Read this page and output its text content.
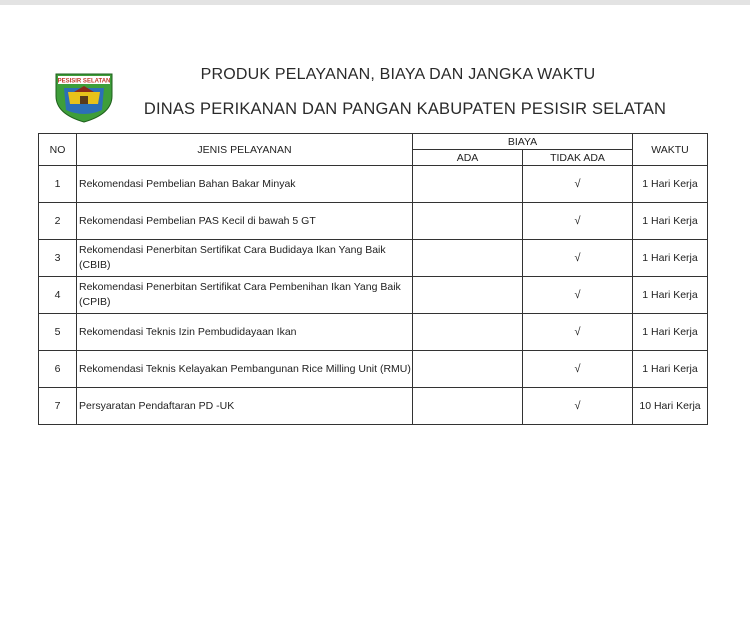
PESISIR SELATAN	PRODUK PELAYANAN, BIAYA DAN JANGKA WAKTU
DINAS PERIKANAN DAN PANGAN KABUPATEN PESISIR SELATAN
NO	JENIS PELAYANAN	BIAYA		WAKTU
		ADA	TIDAK ADA	
1	Rekomendasi Pembelian Bahan Bakar Minyak		√	1 Hari Kerja
2	Rekomendasi Pembelian PAS Kecil di bawah 5 GT		√	1 Hari Kerja
3	Rekomendasi Penerbitan Sertifikat Cara Budidaya Ikan Yang Baik (CBIB)		√	1 Hari Kerja
4	Rekomendasi Penerbitan Sertifikat Cara Pembenihan Ikan Yang Baik (CPIB)		√	1 Hari Kerja
5	Rekomendasi Teknis Izin Pembudidayaan Ikan		√	1 Hari Kerja
6	Rekomendasi Teknis Kelayakan Pembangunan Rice Milling Unit (RMU)		√	1 Hari Kerja
7	Persyaratan Pendaftaran PD -UK		√	10 Hari Kerja
